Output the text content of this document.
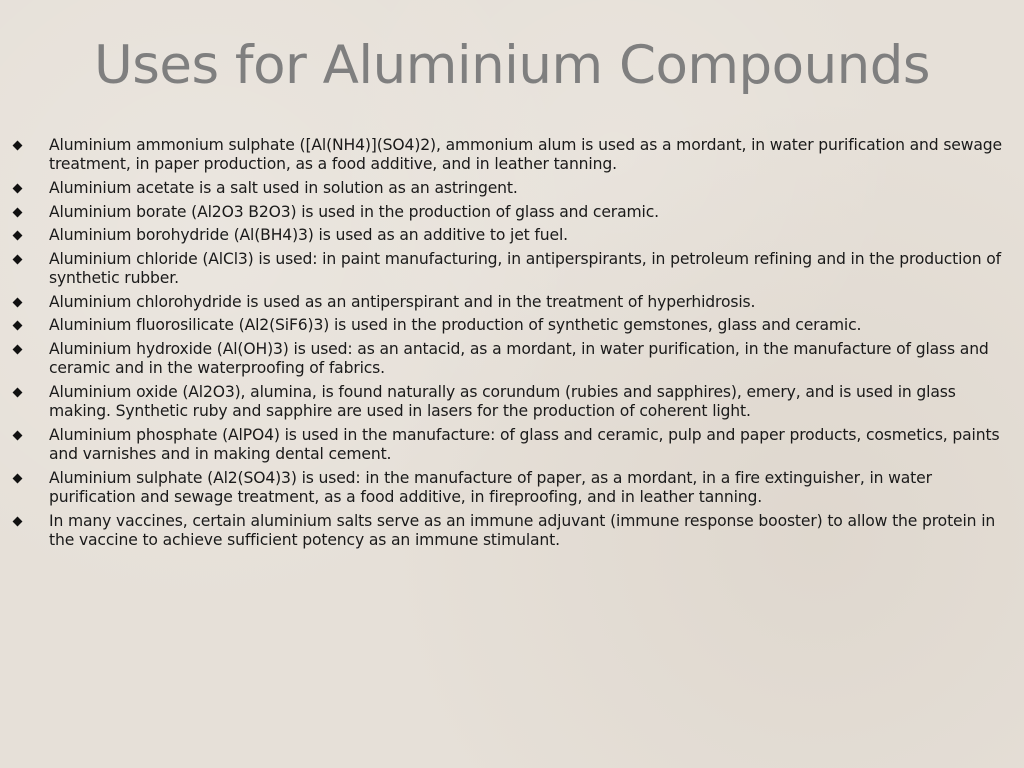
Uses for Aluminium Compounds
Aluminium ammonium sulphate ([Al(NH4)](SO4)2), ammonium alum is used as a mordant, in water purification and sewage treatment, in paper production, as a food additive, and in leather tanning.
Aluminium acetate is a salt used in solution as an astringent.
Aluminium borate (Al2O3 B2O3) is used in the production of glass and ceramic.
Aluminium borohydride (Al(BH4)3) is used as an additive to jet fuel.
Aluminium chloride (AlCl3) is used: in paint manufacturing, in antiperspirants, in petroleum refining and in the production of synthetic rubber.
Aluminium chlorohydride is used as an antiperspirant and in the treatment of hyperhidrosis.
Aluminium fluorosilicate (Al2(SiF6)3) is used in the production of synthetic gemstones, glass and ceramic.
Aluminium hydroxide (Al(OH)3) is used: as an antacid, as a mordant, in water purification, in the manufacture of glass and ceramic and in the waterproofing of fabrics.
Aluminium oxide (Al2O3), alumina, is found naturally as corundum (rubies and sapphires), emery, and is used in glass making. Synthetic ruby and sapphire are used in lasers for the production of coherent light.
Aluminium phosphate (AlPO4) is used in the manufacture: of glass and ceramic, pulp and paper products, cosmetics, paints and varnishes and in making dental cement.
Aluminium sulphate (Al2(SO4)3) is used: in the manufacture of paper, as a mordant, in a fire extinguisher, in water purification and sewage treatment, as a food additive, in fireproofing, and in leather tanning.
In many vaccines, certain aluminium salts serve as an immune adjuvant (immune response booster) to allow the protein in the vaccine to achieve sufficient potency as an immune stimulant.
